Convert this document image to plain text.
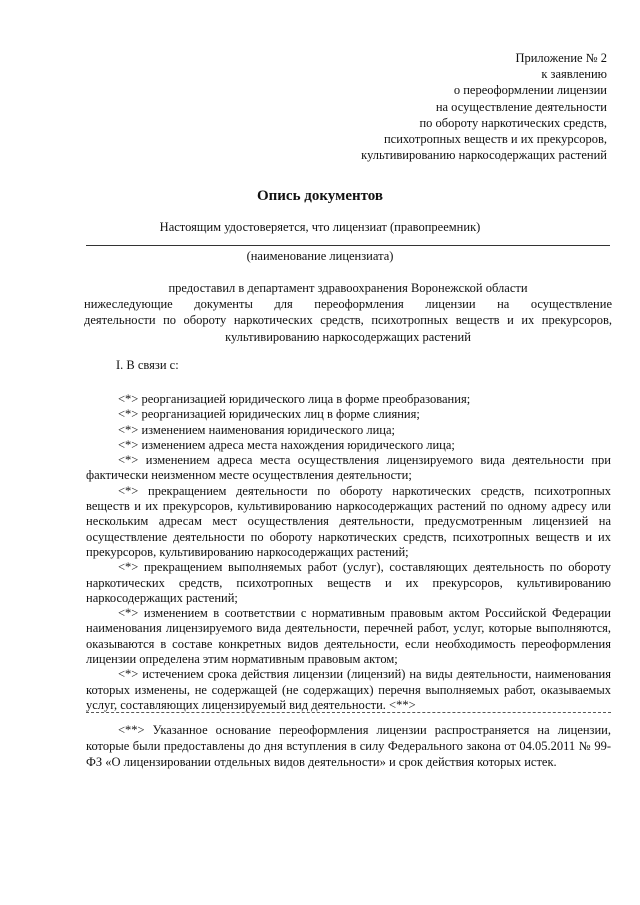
Приложение № 2
к заявлению
о переоформлении лицензии
на осуществление деятельности
по обороту наркотических средств,
психотропных веществ и их прекурсоров,
культивированию наркосодержащих растений
Опись документов
Настоящим удостоверяется, что лицензиат (правопреемник)
(наименование лицензиата)
предоставил в департамент здравоохранения Воронежской области
нижеследующие документы для переоформления лицензии на осуществление
деятельности по обороту наркотических средств, психотропных веществ и их прекурсоров,
культивированию наркосодержащих растений
I. В связи с:

<*> реорганизацией юридического лица в форме преобразования;

<*> реорганизацией юридических лиц в форме слияния;

<*> изменением наименования юридического лица;

<*> изменением адреса места нахождения юридического лица;

<*> изменением адреса места осуществления лицензируемого вида деятельности при фактически неизменном месте осуществления деятельности;

<*> прекращением деятельности по обороту наркотических средств, психотропных веществ и их прекурсоров, культивированию наркосодержащих растений по одному адресу или нескольким адресам мест осуществления деятельности, предусмотренным лицензией на осуществление деятельности по обороту наркотических средств, психотропных веществ и их прекурсоров, культивированию наркосодержащих растений;

<*> прекращением выполняемых работ (услуг), составляющих деятельность по обороту наркотических средств, психотропных веществ и их прекурсоров, культивированию наркосодержащих растений;

<*> изменением в соответствии с нормативным правовым актом Российской Федерации наименования лицензируемого вида деятельности, перечней работ, услуг, которые выполняются, оказываются в составе конкретных видов деятельности, если необходимость переоформления лицензии определена этим нормативным правовым актом;

<*> истечением срока действия лицензии (лицензий) на виды деятельности, наименования которых изменены, не содержащей (не содержащих) перечня выполняемых работ, оказываемых услуг, составляющих лицензируемый вид деятельности. <**>

<**> Указанное основание переоформления лицензии распространяется на лицензии, которые были предоставлены до дня вступления в силу Федерального закона от 04.05.2011 № 99-ФЗ «О лицензировании отдельных видов деятельности» и срок действия которых истек.
